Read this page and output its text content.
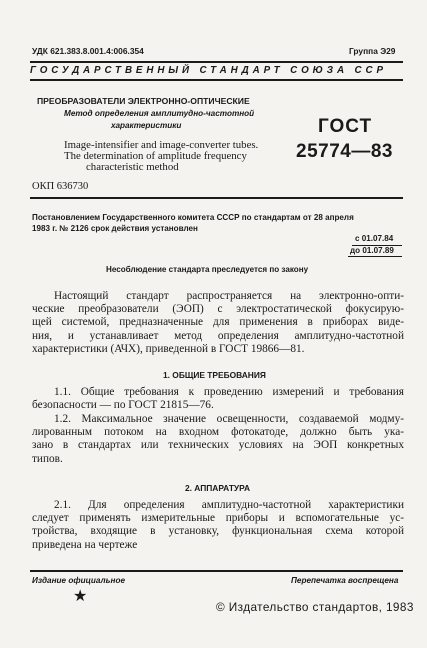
УДК 621.383.8.001.4:006.354	Группа Э29
ГОСУДАРСТВЕННЫЙ СТАНДАРТ СОЮЗА ССР
ПРЕОБРАЗОВАТЕЛИ ЭЛЕКТРОННО-ОПТИЧЕСКИЕ
Метод определения амплитудно-частотной
характеристики
Image-intensifier and image-converter tubes.
The determination of amplitude frequency
characteristic method
ГОСТ
25774—83
ОКП 636730
Постановлением Государственного комитета СССР по стандартам от 28 апреля
1983 г. № 2126 срок действия установлен
с 01.07.84
до 01.07.89
Несоблюдение стандарта преследуется по закону
Настоящий стандарт распространяется на электронно-опти-
ческие преобразователи (ЭОП) с электростатической фокусирую-
щей системой, предназначенные для применения в приборах виде-
ния, и устанавливает метод определения амплитудно-частотной
характеристики (АЧХ), приведенной в ГОСТ 19866—81.
1. ОБЩИЕ ТРЕБОВАНИЯ
1.1. Общие требования к проведению измерений и требования
безопасности — по ГОСТ 21815—76.
1.2. Максимальное значение освещенности, создаваемой модму-
лированным потоком на входном фотокатоде, должно быть ука-
зано в стандартах или технических условиях на ЭОП конкретных
типов.
2. АППАРАТУРА
2.1. Для определения амплитудно-частотной характеристики
следует применять измерительные приборы и вспомогательные ус-
тройства, входящие в установку, функциональная схема которой
приведена на чертеже
Издание официальное	Перепечатка воспрещена
★
© Издательство стандартов, 1983
